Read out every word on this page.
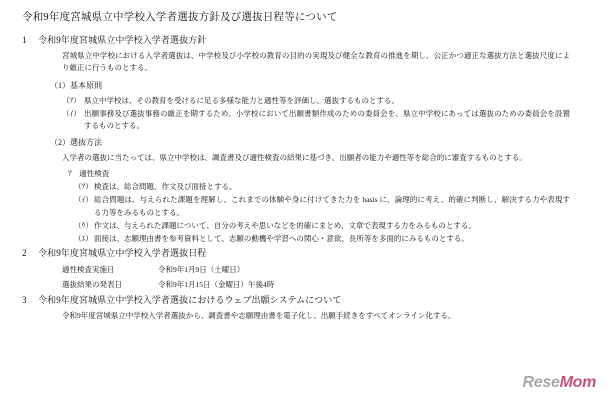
令和9年度宮城県立中学校入学者選抜方針及び選抜日程等について
1	令和9年度宮城県立中学校入学者選抜方針

宮城県立中学校における入学者選抜は、中学校及び小学校の教育の目的の実現及び健全な教育の推進を期し、公正かつ適正な選抜方法と選抜尺度により厳正に行うものとする。

（1）基本原則
（ｱ） 県立中学校は、その教育を受けるに足る多様な能力と適性等を評価し、選抜するものとする。
（ｲ） 出願事務及び選抜事務の厳正を期するため、小学校において出願書類作成のための委員会を、県立中学校にあっては選抜のための委員会を設置するものとする。
（2）選抜方法

入学者の選抜に当たっては、県立中学校は、調査書及び適性検査の結果に基づき、出願者の能力や適性等を総合的に審査するものとする。

ｱ　適性検査
（ｱ） 検査は、総合問題、作文及び面接とする。
（ｲ） 総合問題は、与えられた課題を理解し、これまでの体験や身に付けてきた力を basis に、論理的に考え、的確に判断し、解決する力や表現する力等をみるものとする。
（ｳ） 作文は、与えられた課題について、自分の考えや思いなどを的確にまとめ、文章で表現する力をみるものとする。
（ｴ） 面接は、志願理由書を参考資料として、志願の動機や学習への関心・意欲、長所等を多面的にみるものとする。
2	令和9年度宮城県立中学校入学者選抜日程
適性検査実施日	令和9年1月9日（土曜日）
選抜結果の発表日	令和9年1月15日（金曜日）午後4時
3	令和9年度宮城県立中学校入学者選抜におけるウェブ出願システムについて

令和9年度宮城県立中学校入学者選抜から、調査書や志願理由書を電子化し、出願手続きをすべてオンライン化する。

ReseMom
